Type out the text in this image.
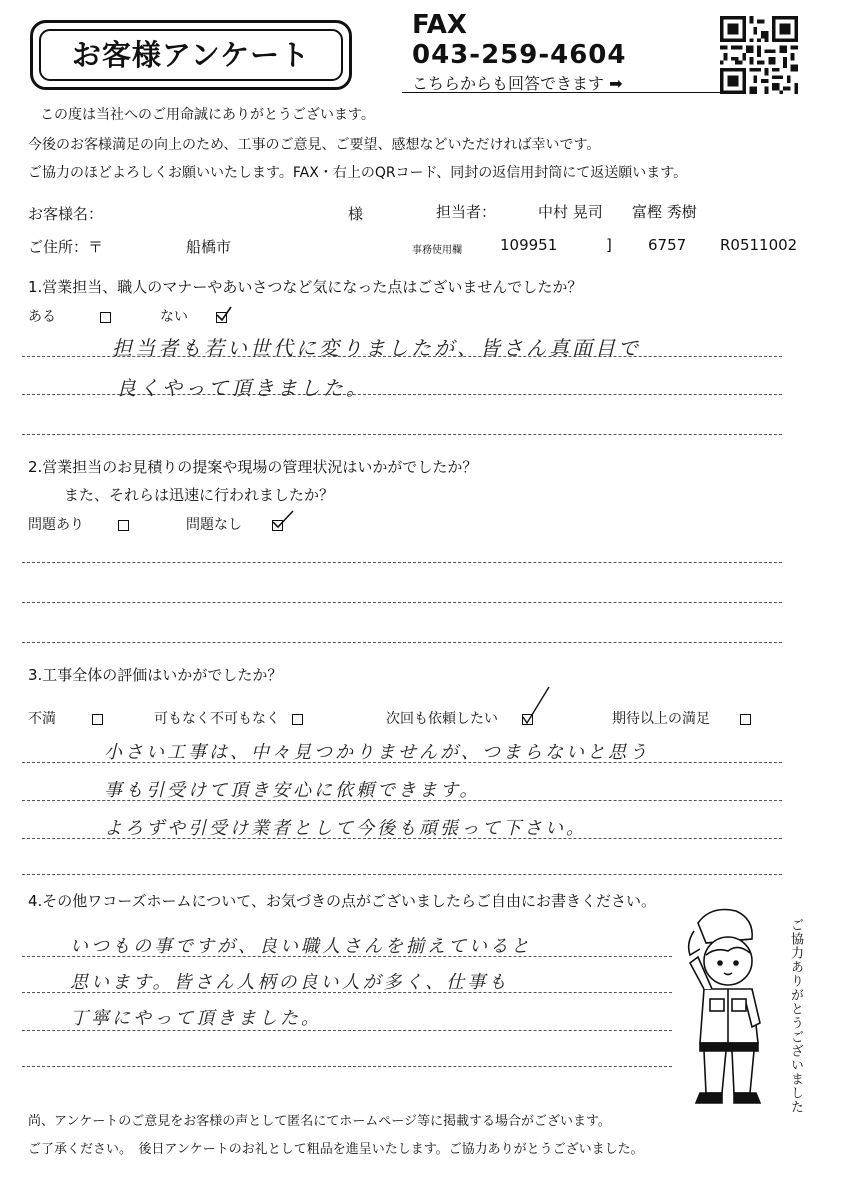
お客様アンケート
FAX
043-259-4604
こちらからも回答できます ➡
この度は当社へのご用命誠にありがとうございます。
今後のお客様満足の向上のため、工事のご意見、ご要望、感想などいただければ幸いです。
ご協力のほどよろしくお願いいたします。FAX・右上のQRコード、同封の返信用封筒にて返送願います。
お客様名：	様	担当者：	中村 晃司 富樫 秀樹
ご住所：〒	船橋市	事務使用欄	109951	] 6757 R0511002
1.営業担当、職人のマナーやあいさつなど気になった点はございませんでしたか？
ある	ない
担当者も若い世代に変りましたが、皆さん真面目で
良くやって頂きました。
2.営業担当のお見積りの提案や現場の管理状況はいかがでしたか？
また、それらは迅速に行われましたか？
問題あり	問題なし
3.工事全体の評価はいかがでしたか？
不満	可もなく不可もなく	次回も依頼したい	期待以上の満足
小さい工事は、中々見つかりませんが、つまらないと思う
事も引受けて頂き安心に依頼できます。
よろずや引受け業者として今後も頑張って下さい。
4.その他ワコーズホームについて、お気づきの点がございましたらご自由にお書きください。
いつもの事ですが、良い職人さんを揃えていると
思います。皆さん人柄の良い人が多く、仕事も
丁寧にやって頂きました。	ご協力ありがとうございました
尚、アンケートのご意見をお客様の声として匿名にてホームページ等に掲載する場合がございます。
ご了承ください。　後日アンケートのお礼として粗品を進呈いたします。ご協力ありがとうございました。
